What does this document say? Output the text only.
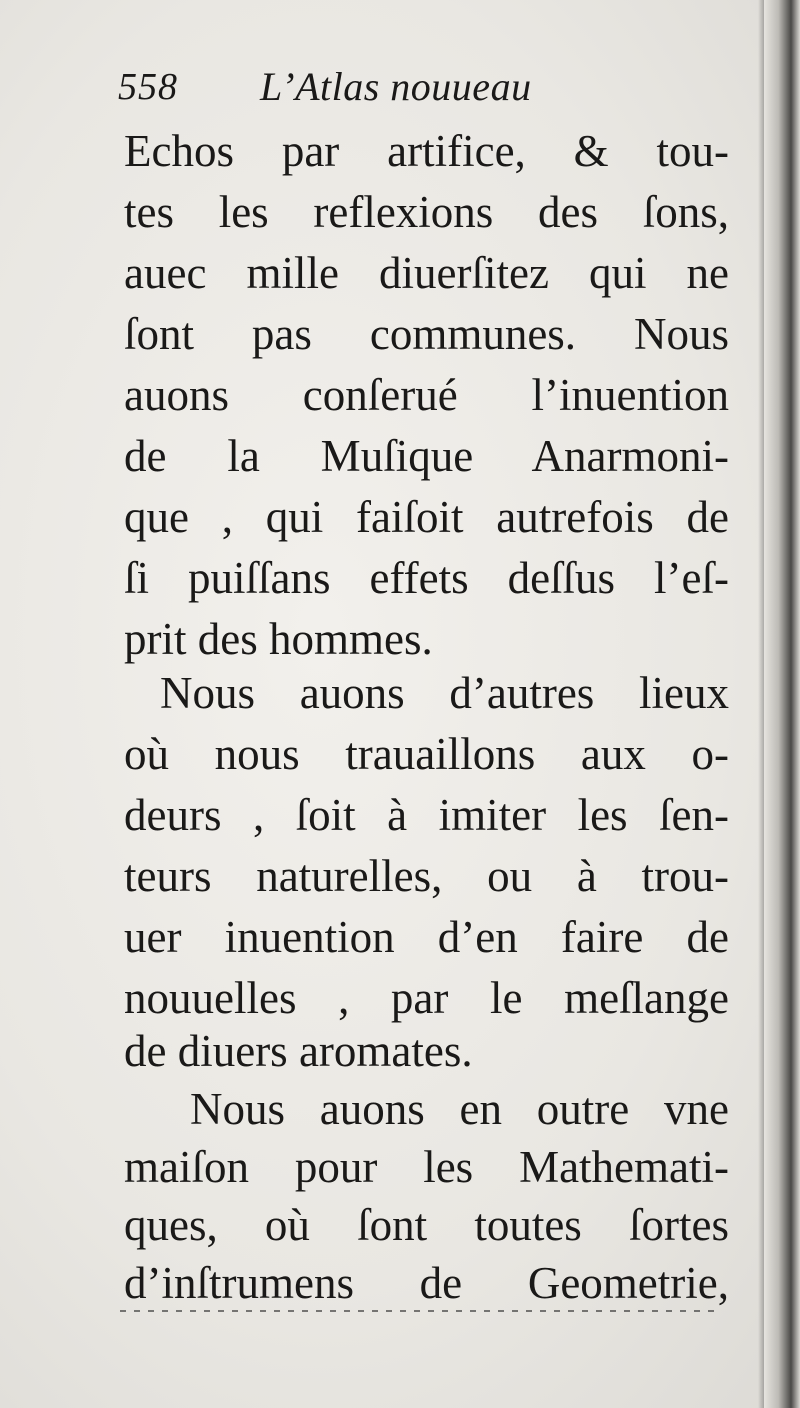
558 L’Atlas nouueau
Echos par artifice, & tou-
tes les reflexions des ſons,
auec mille diuerſitez qui ne
ſont pas communes. Nous
auons conſerué l’inuention
de la Muſique Anarmoni-
que , qui faiſoit autrefois de
ſi puiſſans effets deſſus l’eſ-
prit des hommes.
Nous auons d’autres lieux
où nous trauaillons aux o-
deurs , ſoit à imiter les ſen-
teurs naturelles, ou à trou-
uer inuention d’en faire de
nouuelles , par le meſlange
de diuers aromates.
Nous auons en outre vne
maiſon pour les Mathemati-
ques, où ſont toutes ſortes
d’inſtrumens de Geometrie,
